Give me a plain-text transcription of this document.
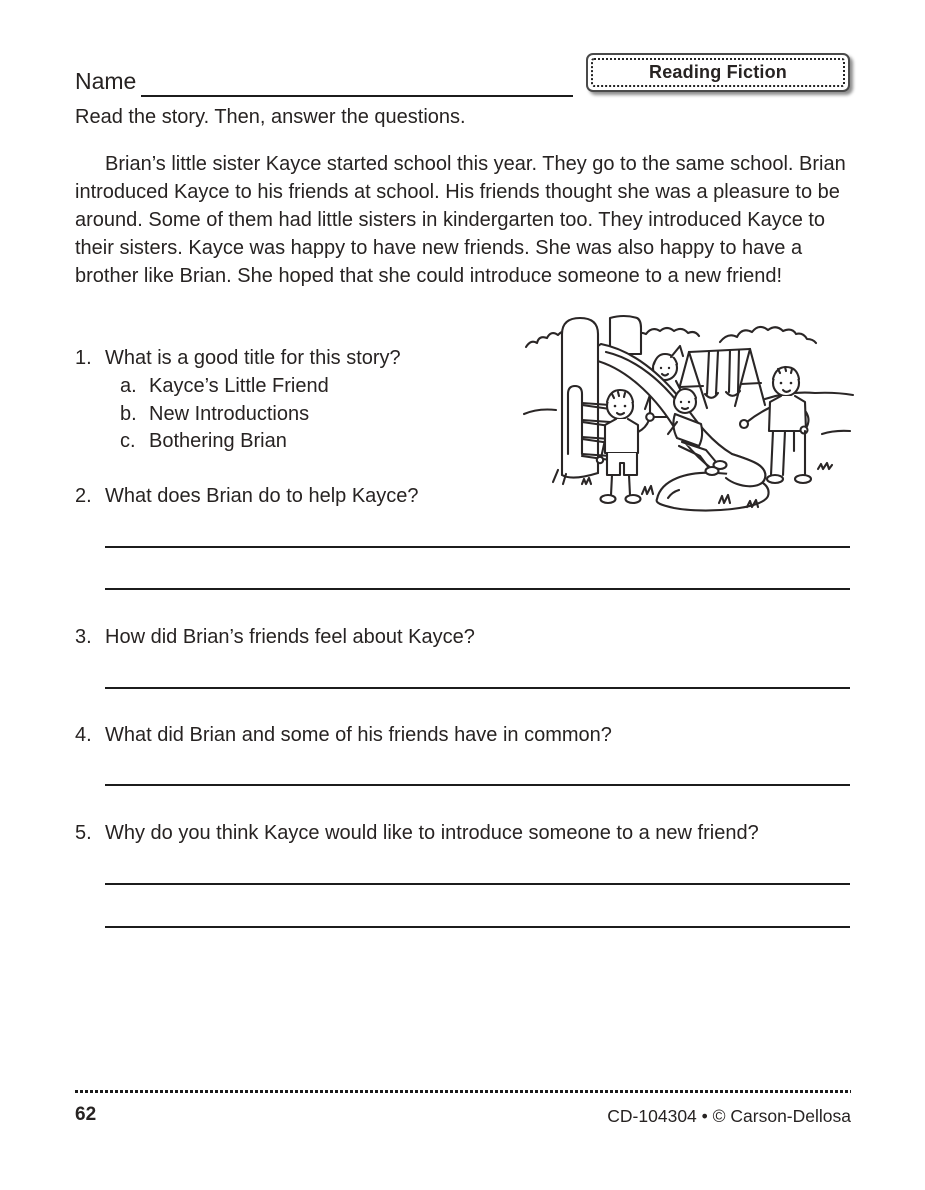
Name	Reading Fiction
Read the story. Then, answer the questions.
Brian’s little sister Kayce started school this year. They go to the same school. Brian introduced Kayce to his friends at school. His friends thought she was a pleasure to be around. Some of them had little sisters in kindergarten too. They introduced Kayce to their sisters. Kayce was happy to have new friends. She was also happy to have a brother like Brian. She hoped that she could introduce someone to a new friend!
1. What is a good title for this story?
a. Kayce’s Little Friend
b. New Introductions
c. Bothering Brian
2. What does Brian do to help Kayce?
3. How did Brian’s friends feel about Kayce?
4. What did Brian and some of his friends have in common?
5. Why do you think Kayce would like to introduce someone to a new friend?
62	CD-104304 • © Carson-Dellosa
